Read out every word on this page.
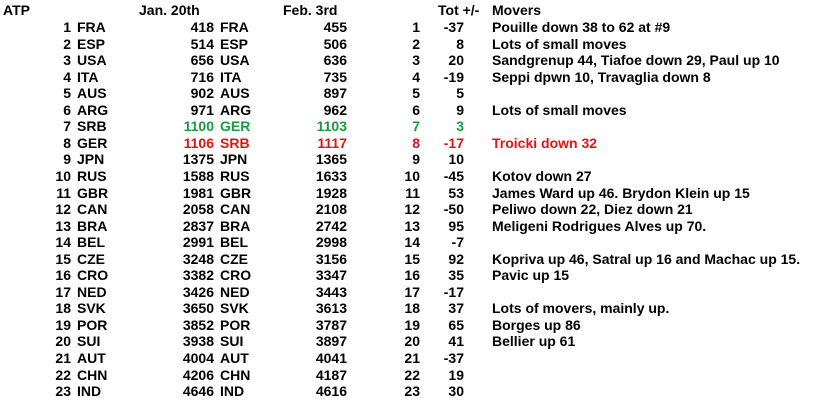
ATP	Jan. 20th	Feb. 3rd	Tot +/- Movers
1 FRA	418 FRA	455	1	-37 Pouille down 38 to 62 at #9
2 ESP	514 ESP	506	2	8 Lots of small moves
3 USA	656 USA	636	3	20 Sandgrenup 44, Tiafoe down 29, Paul up 10
4 ITA	716 ITA	735	4	-19 Seppi dpwn 10, Travaglia down 8
5 AUS	902 AUS	897	5	5
6 ARG	971 ARG	962	6	9 Lots of small moves
7 SRB	1100 GER	1103	7	3
8 GER	1106 SRB	1117	8	-17 Troicki down 32
9 JPN	1375 JPN	1365	9	10
10 RUS	1588 RUS	1633	10	-45 Kotov down 27
11 GBR	1981 GBR	1928	11	53 James Ward up 46. Brydon Klein up 15
12 CAN	2058 CAN	2108	12	-50 Peliwo down 22, Diez down 21
13 BRA	2837 BRA	2742	13	95 Meligeni Rodrigues Alves up 70.
14 BEL	2991 BEL	2998	14	-7
15 CZE	3248 CZE	3156	15	92 Kopriva up 46, Satral up 16 and Machac up 15.
16 CRO	3382 CRO	3347	16	35 Pavic up 15
17 NED	3426 NED	3443	17	-17
18 SVK	3650 SVK	3613	18	37 Lots of movers, mainly up.
19 POR	3852 POR	3787	19	65 Borges up 86
20 SUI	3938 SUI	3897	20	41 Bellier up 61
21 AUT	4004 AUT	4041	21	-37
22 CHN	4206 CHN	4187	22	19
23 IND	4646 IND	4616	23	30
